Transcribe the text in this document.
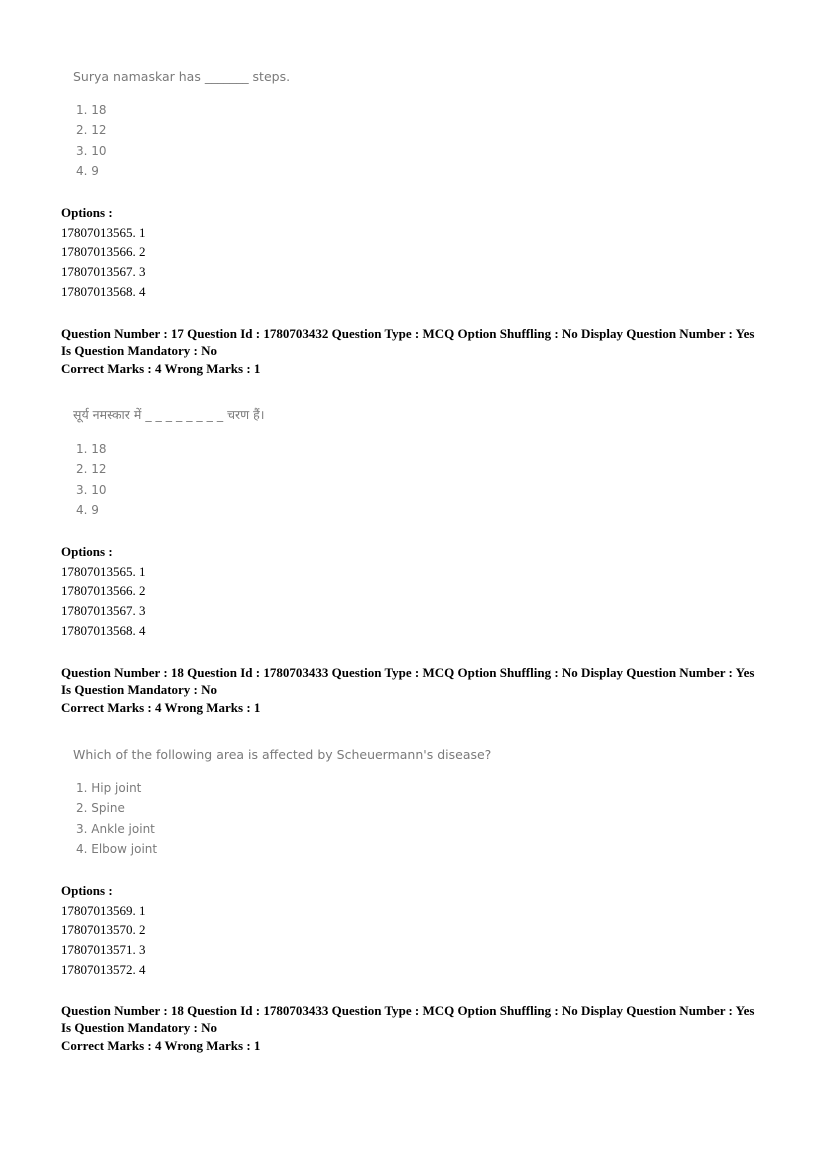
Surya namaskar has _______ steps.
1. 18
2. 12
3. 10
4. 9
Options :
17807013565. 1
17807013566. 2
17807013567. 3
17807013568. 4
Question Number : 17 Question Id : 1780703432 Question Type : MCQ Option Shuffling : No Display Question Number : Yes
Is Question Mandatory : No
Correct Marks : 4 Wrong Marks : 1
सूर्य नमस्कार में _ _ _ _ _ _ _ _ चरण हैं।
1. 18
2. 12
3. 10
4. 9
Options :
17807013565. 1
17807013566. 2
17807013567. 3
17807013568. 4
Question Number : 18 Question Id : 1780703433 Question Type : MCQ Option Shuffling : No Display Question Number : Yes
Is Question Mandatory : No
Correct Marks : 4 Wrong Marks : 1
Which of the following area is affected by Scheuermann's disease?
1. Hip joint
2. Spine
3. Ankle joint
4. Elbow joint
Options :
17807013569. 1
17807013570. 2
17807013571. 3
17807013572. 4
Question Number : 18 Question Id : 1780703433 Question Type : MCQ Option Shuffling : No Display Question Number : Yes
Is Question Mandatory : No
Correct Marks : 4 Wrong Marks : 1
